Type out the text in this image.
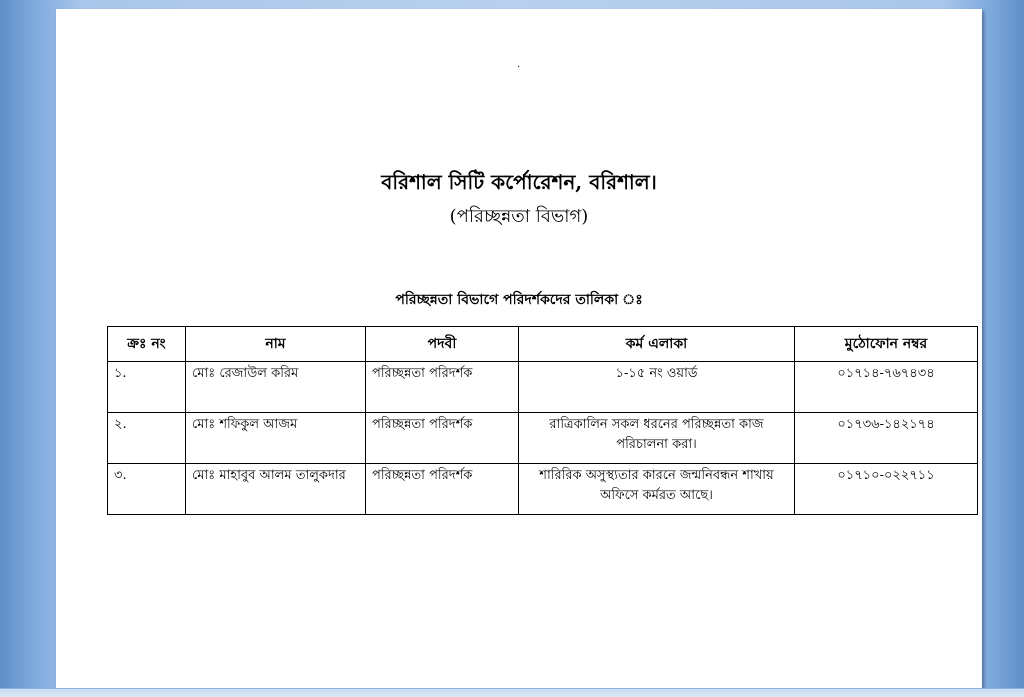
.
বরিশাল সিটি কর্পোরেশন, বরিশাল।
(পরিচ্ছন্নতা বিভাগ)
পরিচ্ছন্নতা বিভাগে পরিদর্শকদের তালিকা ঃ
ক্রঃ নং	নাম	পদবী	কর্ম এলাকা	মুঠোফোন নম্বর
১.	মোঃ রেজাউল করিম	পরিচ্ছন্নতা পরিদর্শক	১-১৫ নং ওয়ার্ড	০১৭১৪-৭৬৭৪৩৪
২.	মোঃ শফিকুল আজম	পরিচ্ছন্নতা পরিদর্শক	রাত্রিকালিন সকল ধরনের পরিচ্ছন্নতা কাজ পরিচালনা করা।	০১৭৩৬-১৪২১৭৪
৩.	মোঃ মাহাবুব আলম তালুকদার	পরিচ্ছন্নতা পরিদর্শক	শারিরিক অসুস্থ্যতার কারনে জন্মনিবন্ধন শাখায় অফিসে কর্মরত আছে।	০১৭১০-০২২৭১১
